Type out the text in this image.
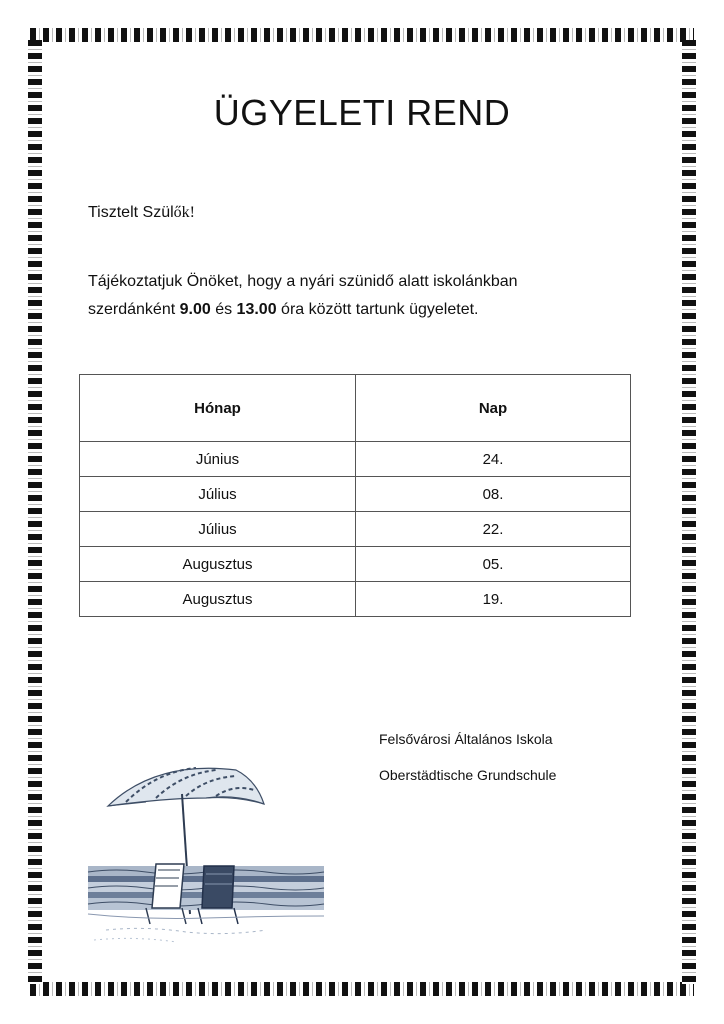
ÜGYELETI REND
Tisztelt Szülők!
Tájékoztatjuk Önöket, hogy a nyári szünidő alatt iskolánkban
szerdánként 9.00 és 13.00 óra között tartunk ügyeletet.
Hónap	Nap
Június	24.
Július	08.
Július	22.
Augusztus	05.
Augusztus	19.
Felsővárosi Általános Iskola
Oberstädtische Grundschule
